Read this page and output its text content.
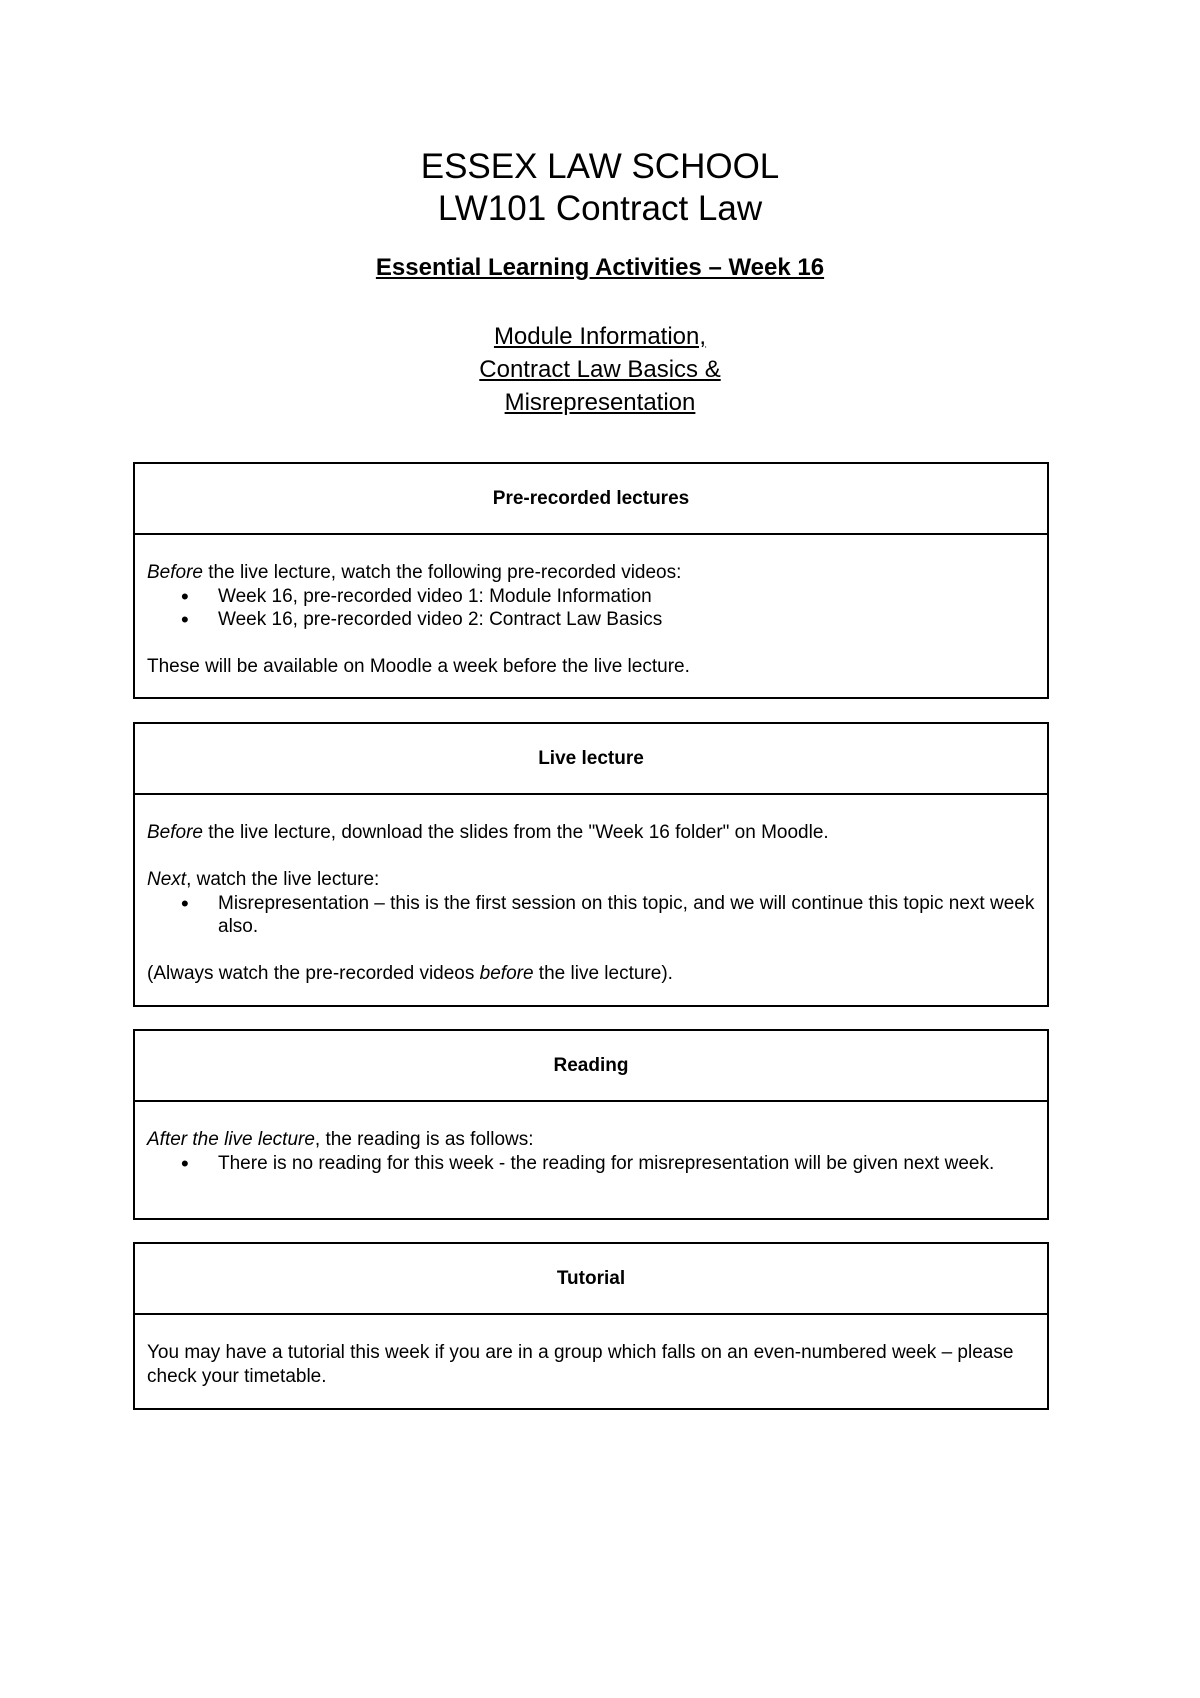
ESSEX LAW SCHOOL
LW101 Contract Law
Essential Learning Activities – Week 16
Module Information,
Contract Law Basics &
Misrepresentation
Pre-recorded lectures

Before the live lecture, watch the following pre-recorded videos:

• Week 16, pre-recorded video 1: Module Information
• Week 16, pre-recorded video 2: Contract Law Basics

These will be available on Moodle a week before the live lecture.

Live lecture

Before the live lecture, download the slides from the "Week 16 folder" on Moodle.

Next, watch the live lecture:

• Misrepresentation – this is the first session on this topic, and we will continue this topic next week also.

(Always watch the pre-recorded videos before the live lecture).

Reading

After the live lecture, the reading is as follows:

• There is no reading for this week - the reading for misrepresentation will be given next week.
Tutorial

You may have a tutorial this week if you are in a group which falls on an even-numbered week – please check your timetable.
